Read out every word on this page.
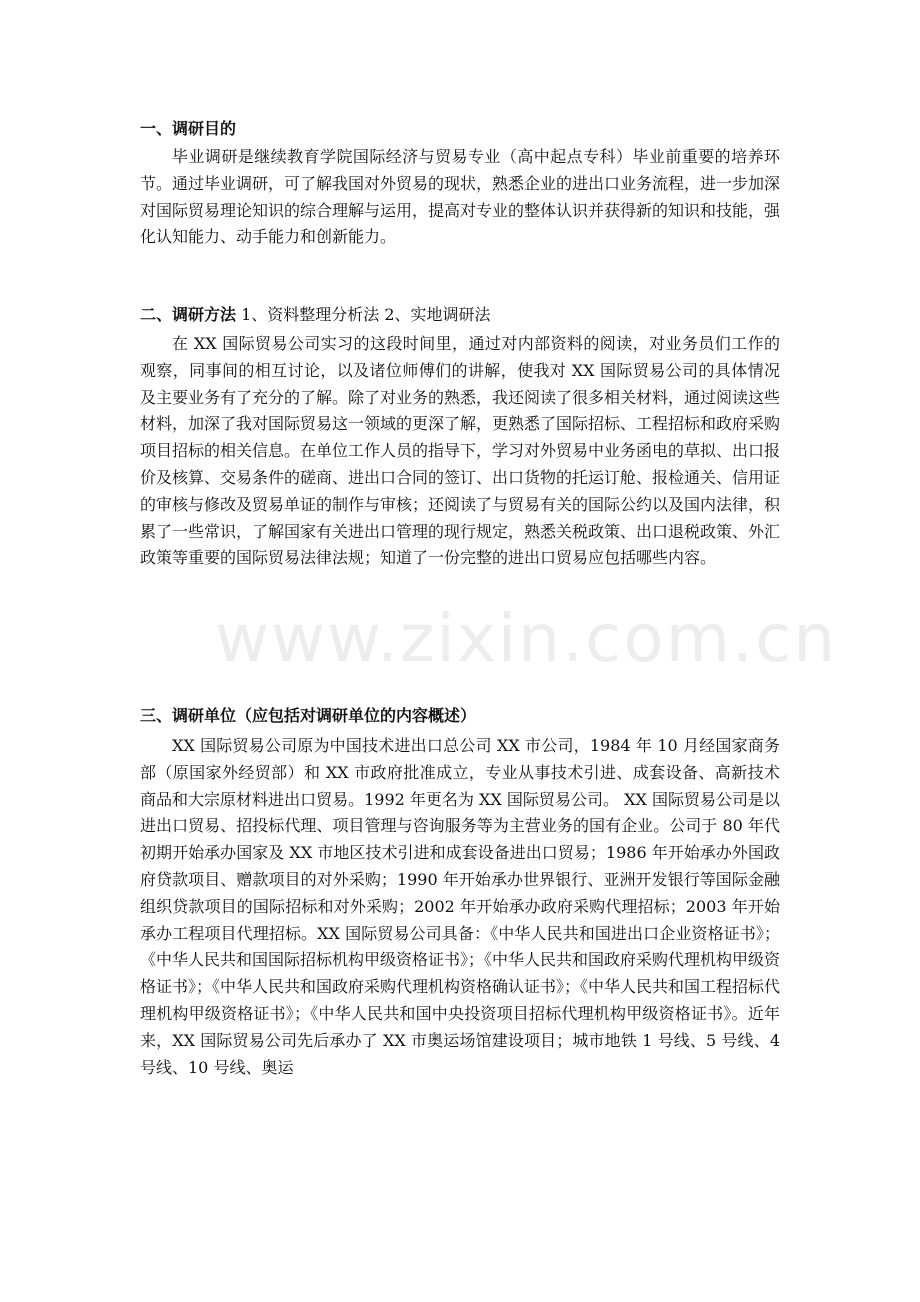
一、调研目的

毕业调研是继续教育学院国际经济与贸易专业（高中起点专科）毕业前重要的培养环节。通过毕业调研，可了解我国对外贸易的现状，熟悉企业的进出口业务流程，进一步加深对国际贸易理论知识的综合理解与运用，提高对专业的整体认识并获得新的知识和技能，强化认知能力、动手能力和创新能力。

二、调研方法 1、资料整理分析法 2、实地调研法

在 XX 国际贸易公司实习的这段时间里，通过对内部资料的阅读，对业务员们工作的观察，同事间的相互讨论，以及诸位师傅们的讲解，使我对 XX 国际贸易公司的具体情况及主要业务有了充分的了解。除了对业务的熟悉，我还阅读了很多相关材料，通过阅读这些材料，加深了我对国际贸易这一领域的更深了解，更熟悉了国际招标、工程招标和政府采购项目招标的相关信息。在单位工作人员的指导下，学习对外贸易中业务函电的草拟、出口报价及核算、交易条件的磋商、进出口合同的签订、出口货物的托运订舱、报检通关、信用证的审核与修改及贸易单证的制作与审核；还阅读了与贸易有关的国际公约以及国内法律，积累了一些常识，了解国家有关进出口管理的现行规定，熟悉关税政策、出口退税政策、外汇政策等重要的国际贸易法律法规；知道了一份完整的进出口贸易应包括哪些内容。

三、调研单位（应包括对调研单位的内容概述）

XX 国际贸易公司原为中国技术进出口总公司 XX 市公司，1984 年 10 月经国家商务部（原国家外经贸部）和 XX 市政府批准成立，专业从事技术引进、成套设备、高新技术商品和大宗原材料进出口贸易。1992 年更名为 XX 国际贸易公司。 XX 国际贸易公司是以进出口贸易、招投标代理、项目管理与咨询服务等为主营业务的国有企业。公司于 80 年代初期开始承办国家及 XX 市地区技术引进和成套设备进出口贸易；1986 年开始承办外国政府贷款项目、赠款项目的对外采购；1990 年开始承办世界银行、亚洲开发银行等国际金融组织贷款项目的国际招标和对外采购；2002 年开始承办政府采购代理招标；2003 年开始承办工程项目代理招标。XX 国际贸易公司具备：《中华人民共和国进出口企业资格证书》；《中华人民共和国国际招标机构甲级资格证书》；《中华人民共和国政府采购代理机构甲级资格证书》；《中华人民共和国政府采购代理机构资格确认证书》；《中华人民共和国工程招标代理机构甲级资格证书》；《中华人民共和国中央投资项目招标代理机构甲级资格证书》。近年来，XX 国际贸易公司先后承办了 XX 市奥运场馆建设项目；城市地铁 1 号线、5 号线、4 号线、10 号线、奥运

www.zixin.com.cn
